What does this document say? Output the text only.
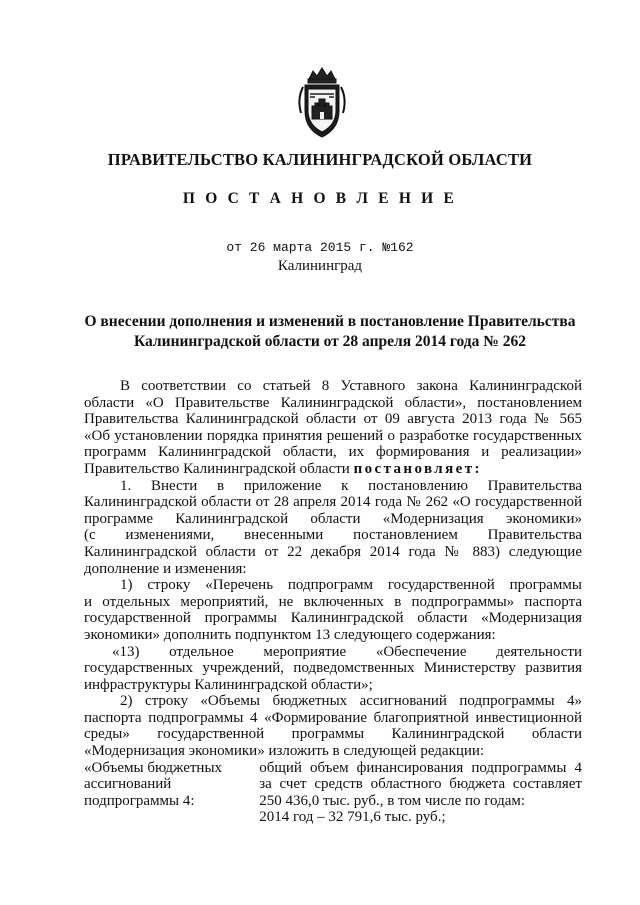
ПРАВИТЕЛЬСТВО КАЛИНИНГРАДСКОЙ ОБЛАСТИ
П О С Т А Н О В Л Е Н И Е
от 26 марта 2015 г. №162
Калининград
О внесении дополнения и изменений в постановление Правительства
Калининградской области от 28 апреля 2014 года № 262

В соответствии со статьей 8 Уставного закона Калининградской

области «О Правительстве Калининградской области», постановлением

Правительства Калининградской области от 09 августа 2013 года № 565

«Об установлении порядка принятия решений о разработке государственных

программ Калининградской области, их формирования и реализации»

Правительство Калининградской области постановляет:

1. Внести в приложение к постановлению Правительства

Калининградской области от 28 апреля 2014 года № 262 «О государственной

программе Калининградской области «Модернизация экономики»

(с изменениями, внесенными постановлением Правительства

Калининградской области от 22 декабря 2014 года № 883) следующие

дополнение и изменения:

1) строку «Перечень подпрограмм государственной программы

и отдельных мероприятий, не включенных в подпрограммы» паспорта

государственной программы Калининградской области «Модернизация

экономики» дополнить подпунктом 13 следующего содержания:

«13) отдельное мероприятие «Обеспечение деятельности

государственных учреждений, подведомственных Министерству развития

инфраструктуры Калининградской области»;

2) строку «Объемы бюджетных ассигнований подпрограммы 4»

паспорта подпрограммы 4 «Формирование благоприятной инвестиционной

среды» государственной программы Калининградской области

«Модернизация экономики» изложить в следующей редакции:

«Объемы бюджетных
ассигнований
подпрограммы 4:
общий объем финансирования подпрограммы 4
за счет средств областного бюджета составляет
250 436,0 тыс. руб., в том числе по годам:
2014 год – 32 791,6 тыс. руб.;
